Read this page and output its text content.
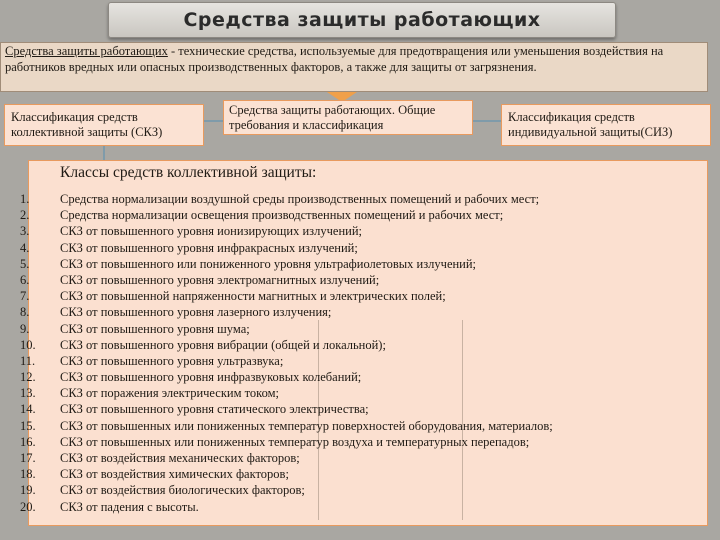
Средства защиты работающих
Средства защиты работающих - технические средства, используемые для предотвращения или уменьшения воздействия на работников вредных или опасных производственных факторов, а также для защиты от загрязнения.
Классификация средств коллективной защиты (СКЗ)
Средства защиты работающих. Общие требования и классификация
Классификация средств индивидуальной защиты(СИЗ)
Классы средств коллективной защиты:
1.	Средства нормализации воздушной среды производственных помещений и рабочих мест;
2.	Средства нормализации освещения производственных помещений и рабочих мест;
3.	СКЗ от повышенного уровня ионизирующих излучений;
4.	СКЗ от повышенного уровня инфракрасных излучений;
5.	СКЗ от повышенного или пониженного уровня ультрафиолетовых излучений;
6.	СКЗ от повышенного уровня электромагнитных излучений;
7.	СКЗ от повышенной напряженности магнитных и электрических полей;
8.	СКЗ от повышенного уровня лазерного излучения;
9.	СКЗ от повышенного уровня шума;
10.	СКЗ от повышенного уровня вибрации (общей и локальной);
11.	СКЗ от повышенного уровня ультразвука;
12.	СКЗ от повышенного уровня инфразвуковых колебаний;
13.	СКЗ от поражения электрическим током;
14.	СКЗ от повышенного уровня статического электричества;
15.	СКЗ от повышенных или пониженных температур поверхностей оборудования, материалов;
16.	СКЗ от повышенных или пониженных температур воздуха и температурных перепадов;
17.	СКЗ от воздействия механических факторов;
18.	СКЗ от воздействия химических факторов;
19.	СКЗ от воздействия биологических факторов;
20.	СКЗ от падения с высоты.
